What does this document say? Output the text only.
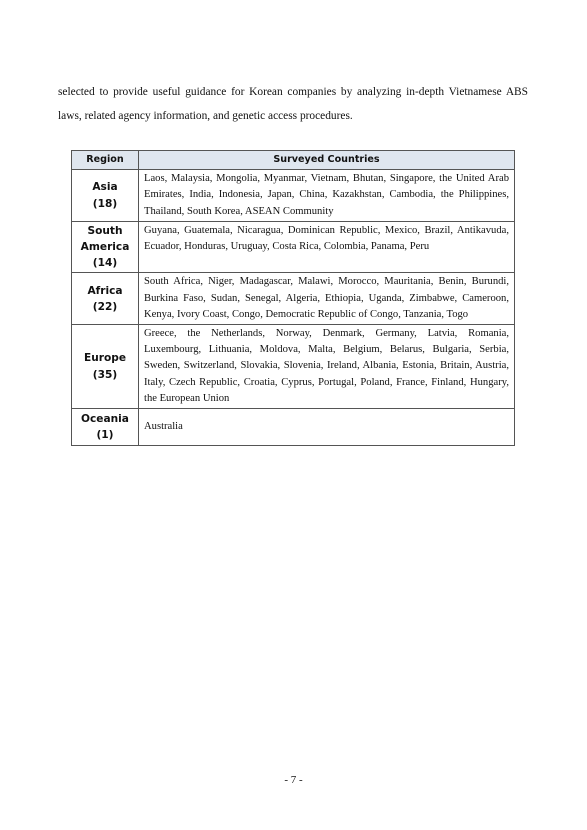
selected to provide useful guidance for Korean companies by analyzing in-depth Vietnamese ABS laws, related agency information, and genetic access procedures.

Region	Surveyed Countries

Asia
(18)	Laos, Malaysia, Mongolia, Myanmar, Vietnam, Bhutan, Singapore, the United Arab Emirates, India, Indonesia, Japan, China, Kazakhstan, Cambodia, the Philippines, Thailand, South Korea, ASEAN Community

South America
(14)	Guyana, Guatemala, Nicaragua, Dominican Republic, Mexico, Brazil, Antikavuda, Ecuador, Honduras, Uruguay, Costa Rica, Colombia, Panama, Peru

Africa
(22)	South Africa, Niger, Madagascar, Malawi, Morocco, Mauritania, Benin, Burundi, Burkina Faso, Sudan, Senegal, Algeria, Ethiopia, Uganda, Zimbabwe, Cameroon, Kenya, Ivory Coast, Congo, Democratic Republic of Congo, Tanzania, Togo

Europe
(35)	Greece, the Netherlands, Norway, Denmark, Germany, Latvia, Romania, Luxembourg, Lithuania, Moldova, Malta, Belgium, Belarus, Bulgaria, Serbia, Sweden, Switzerland, Slovakia, Slovenia, Ireland, Albania, Estonia, Britain, Austria, Italy, Czech Republic, Croatia, Cyprus, Portugal, Poland, France, Finland, Hungary, the European Union

Oceania
(1)	Australia
- 7 -
